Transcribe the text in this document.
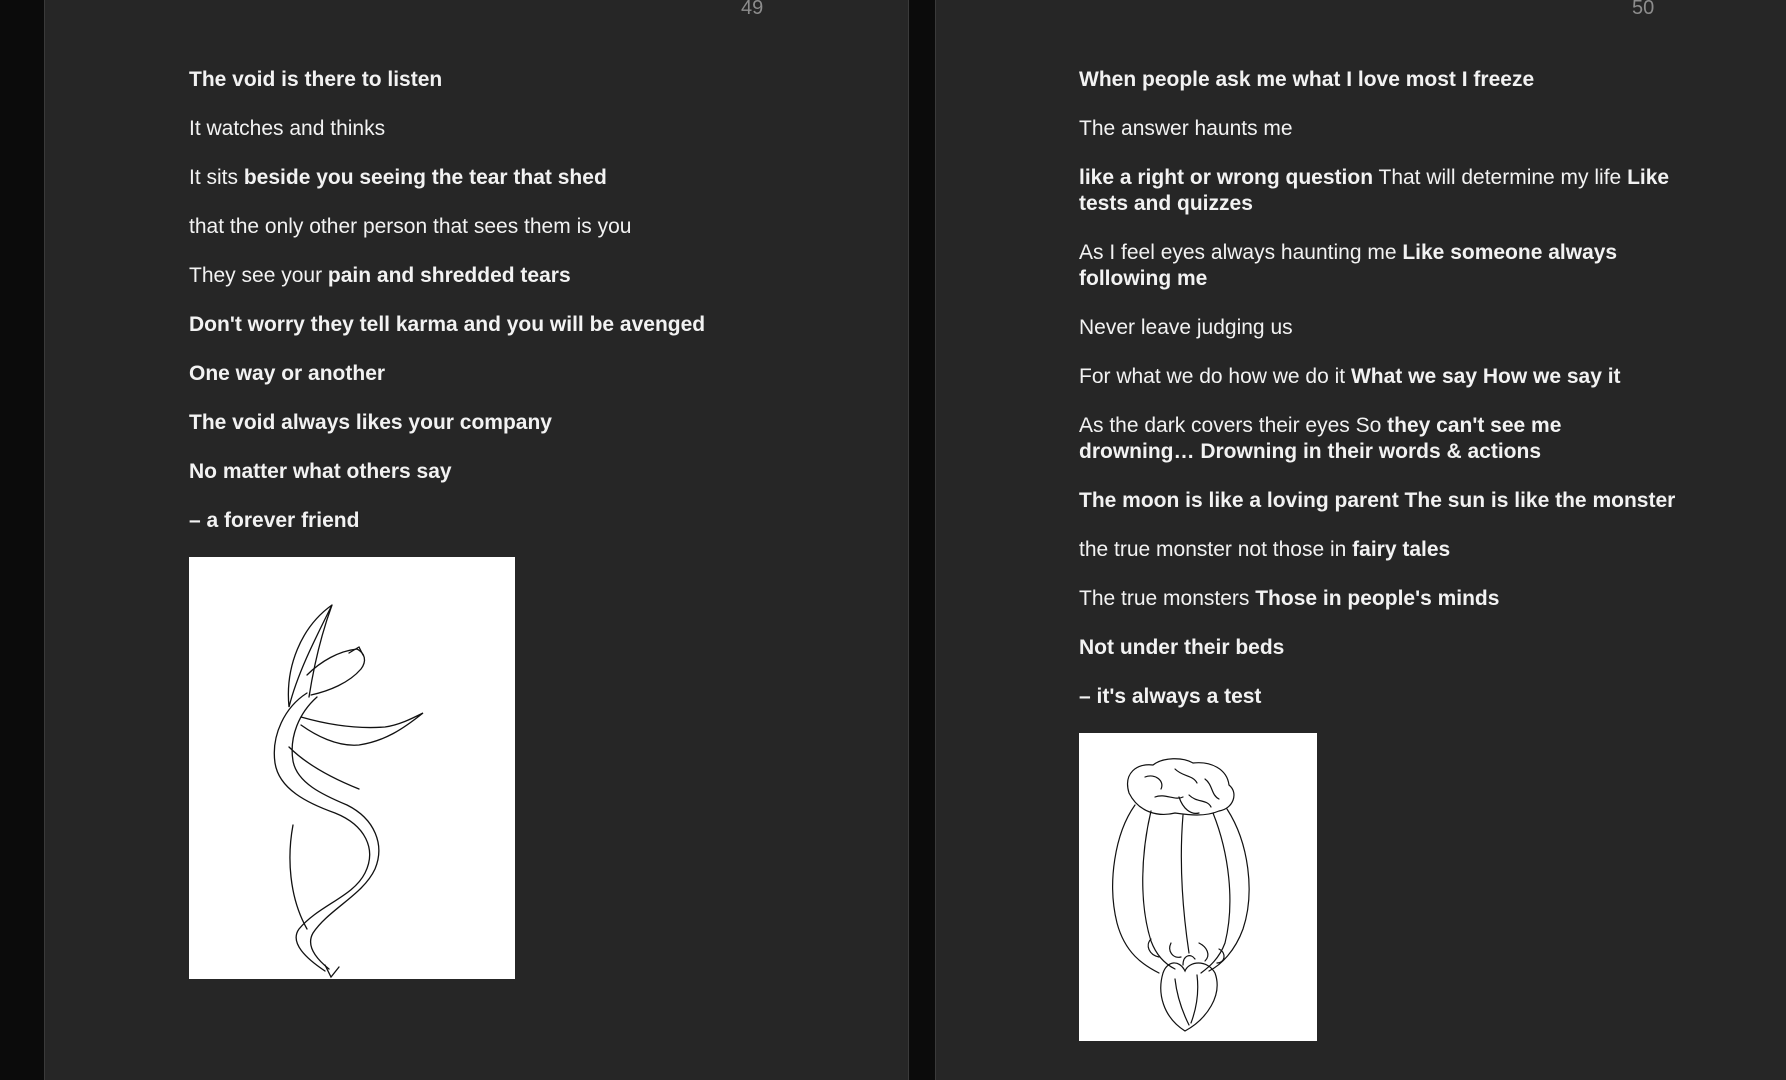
49
The void is there to listen
It watches and thinks
It sits beside you seeing the tear that shed
that the only other person that sees them is you
They see your pain and shredded tears
Don't worry they tell karma and you will be avenged
One way or another
The void always likes your company
No matter what others say
– a forever friend
50
When people ask me what I love most I freeze
The answer haunts me
like a right or wrong question That will determine my life Like tests and quizzes
As I feel eyes always haunting me Like someone always following me
Never leave judging us
For what we do how we do it What we say How we say it
As the dark covers their eyes So they can't see me drowning… Drowning in their words & actions
The moon is like a loving parent The sun is like the monster
the true monster not those in fairy tales
The true monsters Those in people's minds
Not under their beds
– it's always a test
